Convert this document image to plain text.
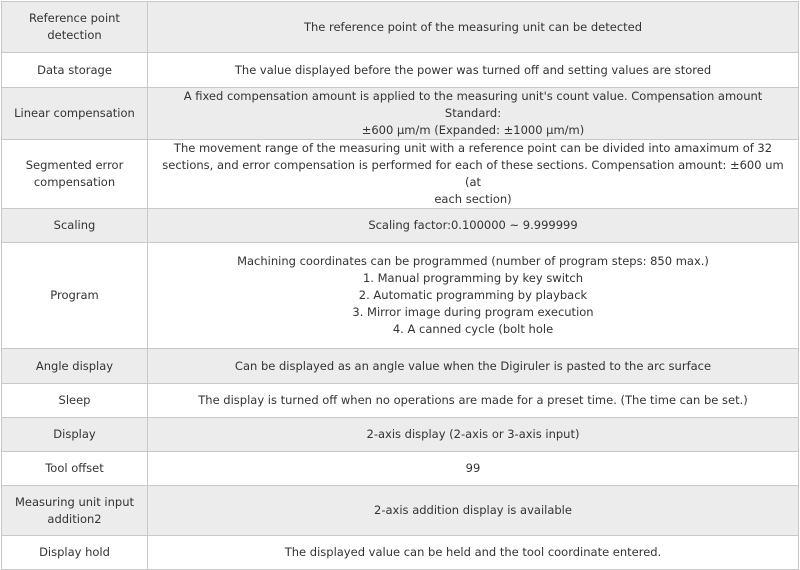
Reference point
detection	The reference point of the measuring unit can be detected

Data storage	The value displayed before the power was turned off and setting values are stored

Linear compensation	A fixed compensation amount is applied to the measuring unit's count value. Compensation amount Standard:
±600 μm/m (Expanded: ±1000 μm/m)

Segmented error
compensation	The movement range of the measuring unit with a reference point can be divided into amaximum of 32
sections, and error compensation is performed for each of these sections. Compensation amount: ±600 um (at
each section)

Scaling	Scaling factor:0.100000 ~ 9.999999

Program	Machining coordinates can be programmed (number of program steps: 850 max.)
1. Manual programming by key switch
2. Automatic programming by playback
3. Mirror image during program execution
4. A canned cycle (bolt hole

Angle display	Can be displayed as an angle value when the Digiruler is pasted to the arc surface

Sleep	The display is turned off when no operations are made for a preset time. (The time can be set.)

Display	2-axis display (2-axis or 3-axis input)

Tool offset	99

Measuring unit input
addition2	2-axis addition display is available

Display hold	The displayed value can be held and the tool coordinate entered.
